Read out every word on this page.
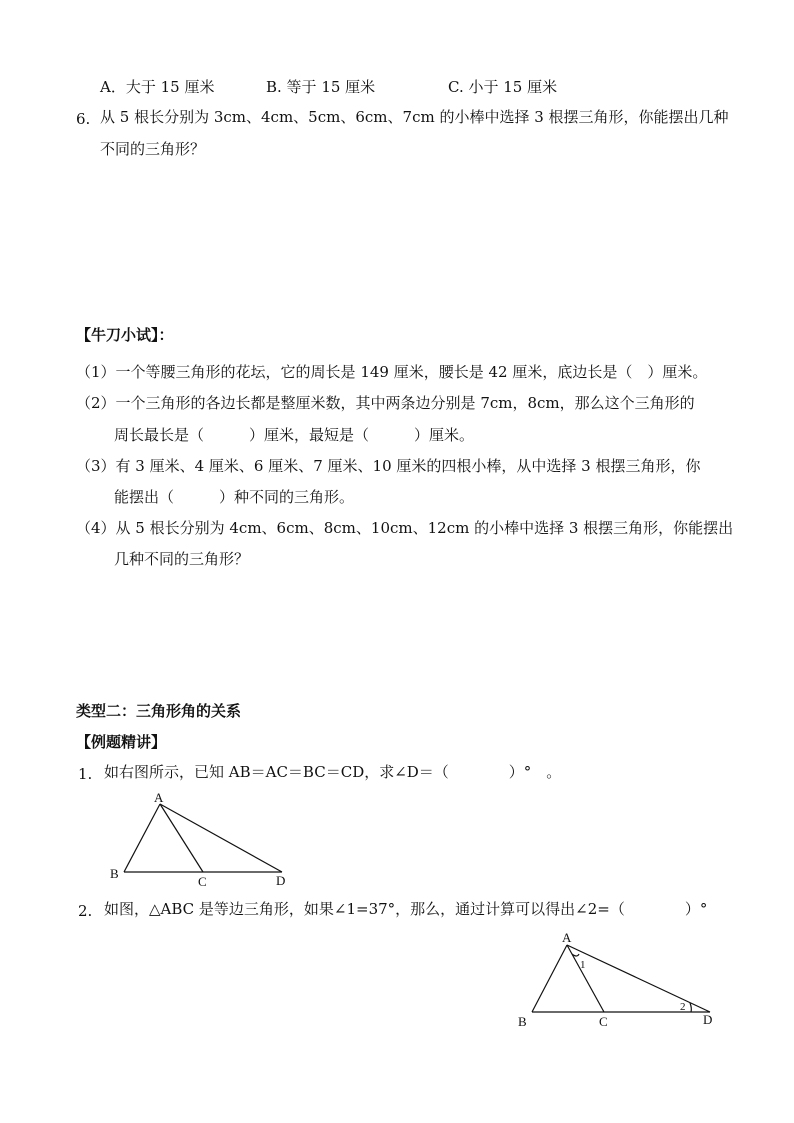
A．大于 15 厘米	B. 等于 15 厘米	C. 小于 15 厘米
6. 从 5 根长分别为 3cm、4cm、5cm、6cm、7cm 的小棒中选择 3 根摆三角形，你能摆出几种
不同的三角形？
【牛刀小试】：
（1）一个等腰三角形的花坛，它的周长是 149 厘米，腰长是 42 厘米，底边长是（　）厘米。
（2）一个三角形的各边长都是整厘米数，其中两条边分别是 7cm，8cm，那么这个三角形的
周长最长是（　　　）厘米，最短是（　　　）厘米。
（3）有 3 厘米、4 厘米、6 厘米、7 厘米、10 厘米的四根小棒，从中选择 3 根摆三角形，你
能摆出（　　　）种不同的三角形。
（4）从 5 根长分别为 4cm、6cm、8cm、10cm、12cm 的小棒中选择 3 根摆三角形，你能摆出
几种不同的三角形？
类型二：三角形角的关系
【例题精讲】
1. 如右图所示，已知 AB＝AC＝BC＝CD，求∠D＝（　　　　）°　。
A
B
C	D
2. 如图，△ABC 是等边三角形，如果∠1=37°，那么，通过计算可以得出∠2=（　　　　）°
A
B	C	D
1
2
